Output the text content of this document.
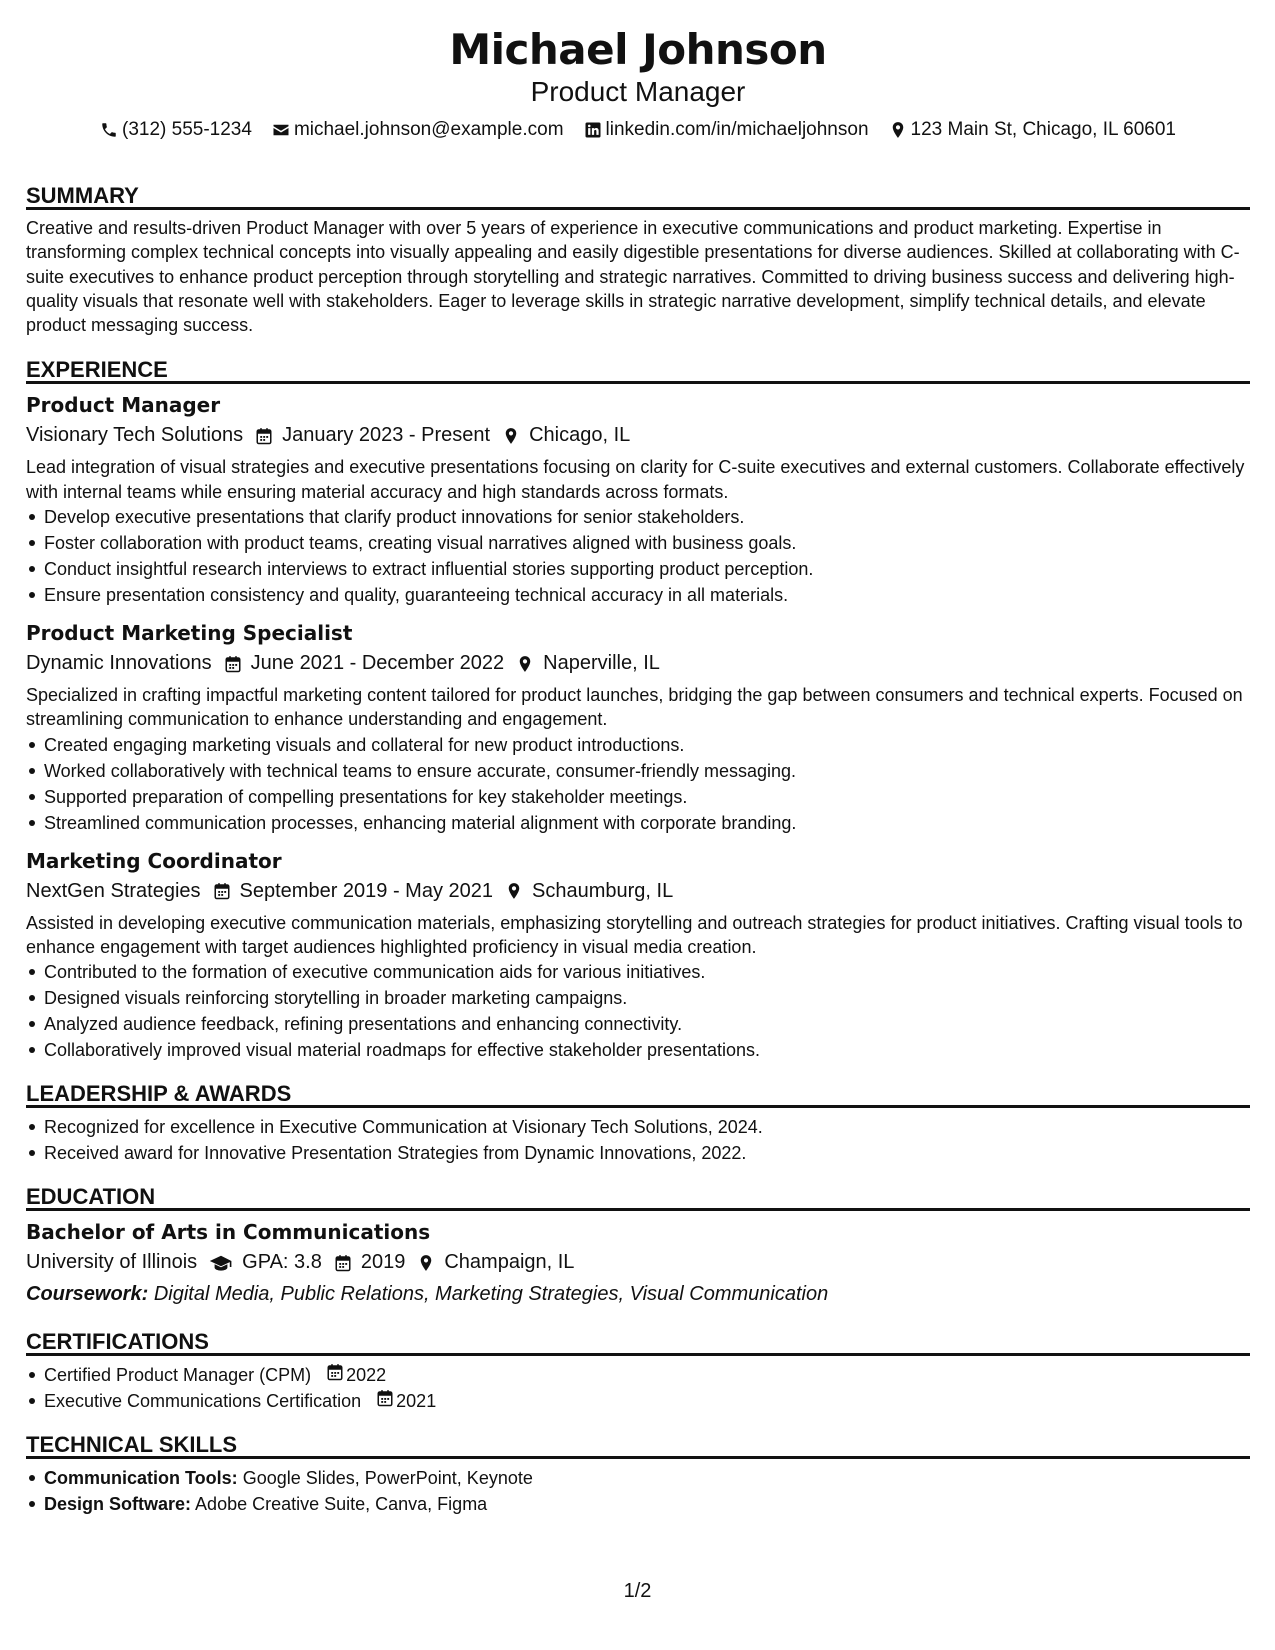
Michael Johnson
Product Manager
(312) 555-1234 michael.johnson@example.com linkedin.com/in/michaeljohnson 123 Main St, Chicago, IL 60601
SUMMARY
Creative and results-driven Product Manager with over 5 years of experience in executive communications and product marketing. Expertise in transforming complex technical concepts into visually appealing and easily digestible presentations for diverse audiences. Skilled at collaborating with C-suite executives to enhance product perception through storytelling and strategic narratives. Committed to driving business success and delivering high-quality visuals that resonate well with stakeholders. Eager to leverage skills in strategic narrative development, simplify technical details, and elevate product messaging success.
EXPERIENCE
Product Manager
Visionary Tech Solutions January 2023 - Present Chicago, IL
Lead integration of visual strategies and executive presentations focusing on clarity for C-suite executives and external customers. Collaborate effectively with internal teams while ensuring material accuracy and high standards across formats.
Develop executive presentations that clarify product innovations for senior stakeholders.
Foster collaboration with product teams, creating visual narratives aligned with business goals.
Conduct insightful research interviews to extract influential stories supporting product perception.
Ensure presentation consistency and quality, guaranteeing technical accuracy in all materials.
Product Marketing Specialist
Dynamic Innovations June 2021 - December 2022 Naperville, IL
Specialized in crafting impactful marketing content tailored for product launches, bridging the gap between consumers and technical experts. Focused on streamlining communication to enhance understanding and engagement.
Created engaging marketing visuals and collateral for new product introductions.
Worked collaboratively with technical teams to ensure accurate, consumer-friendly messaging.
Supported preparation of compelling presentations for key stakeholder meetings.
Streamlined communication processes, enhancing material alignment with corporate branding.
Marketing Coordinator
NextGen Strategies September 2019 - May 2021 Schaumburg, IL
Assisted in developing executive communication materials, emphasizing storytelling and outreach strategies for product initiatives. Crafting visual tools to enhance engagement with target audiences highlighted proficiency in visual media creation.
Contributed to the formation of executive communication aids for various initiatives.
Designed visuals reinforcing storytelling in broader marketing campaigns.
Analyzed audience feedback, refining presentations and enhancing connectivity.
Collaboratively improved visual material roadmaps for effective stakeholder presentations.
LEADERSHIP & AWARDS
Recognized for excellence in Executive Communication at Visionary Tech Solutions, 2024.
Received award for Innovative Presentation Strategies from Dynamic Innovations, 2022.
EDUCATION
Bachelor of Arts in Communications
University of Illinois GPA: 3.8 2019 Champaign, IL
Coursework: Digital Media, Public Relations, Marketing Strategies, Visual Communication
CERTIFICATIONS
Certified Product Manager (CPM) 2022
Executive Communications Certification 2021
TECHNICAL SKILLS
Communication Tools: Google Slides, PowerPoint, Keynote
Design Software: Adobe Creative Suite, Canva, Figma
1/2
